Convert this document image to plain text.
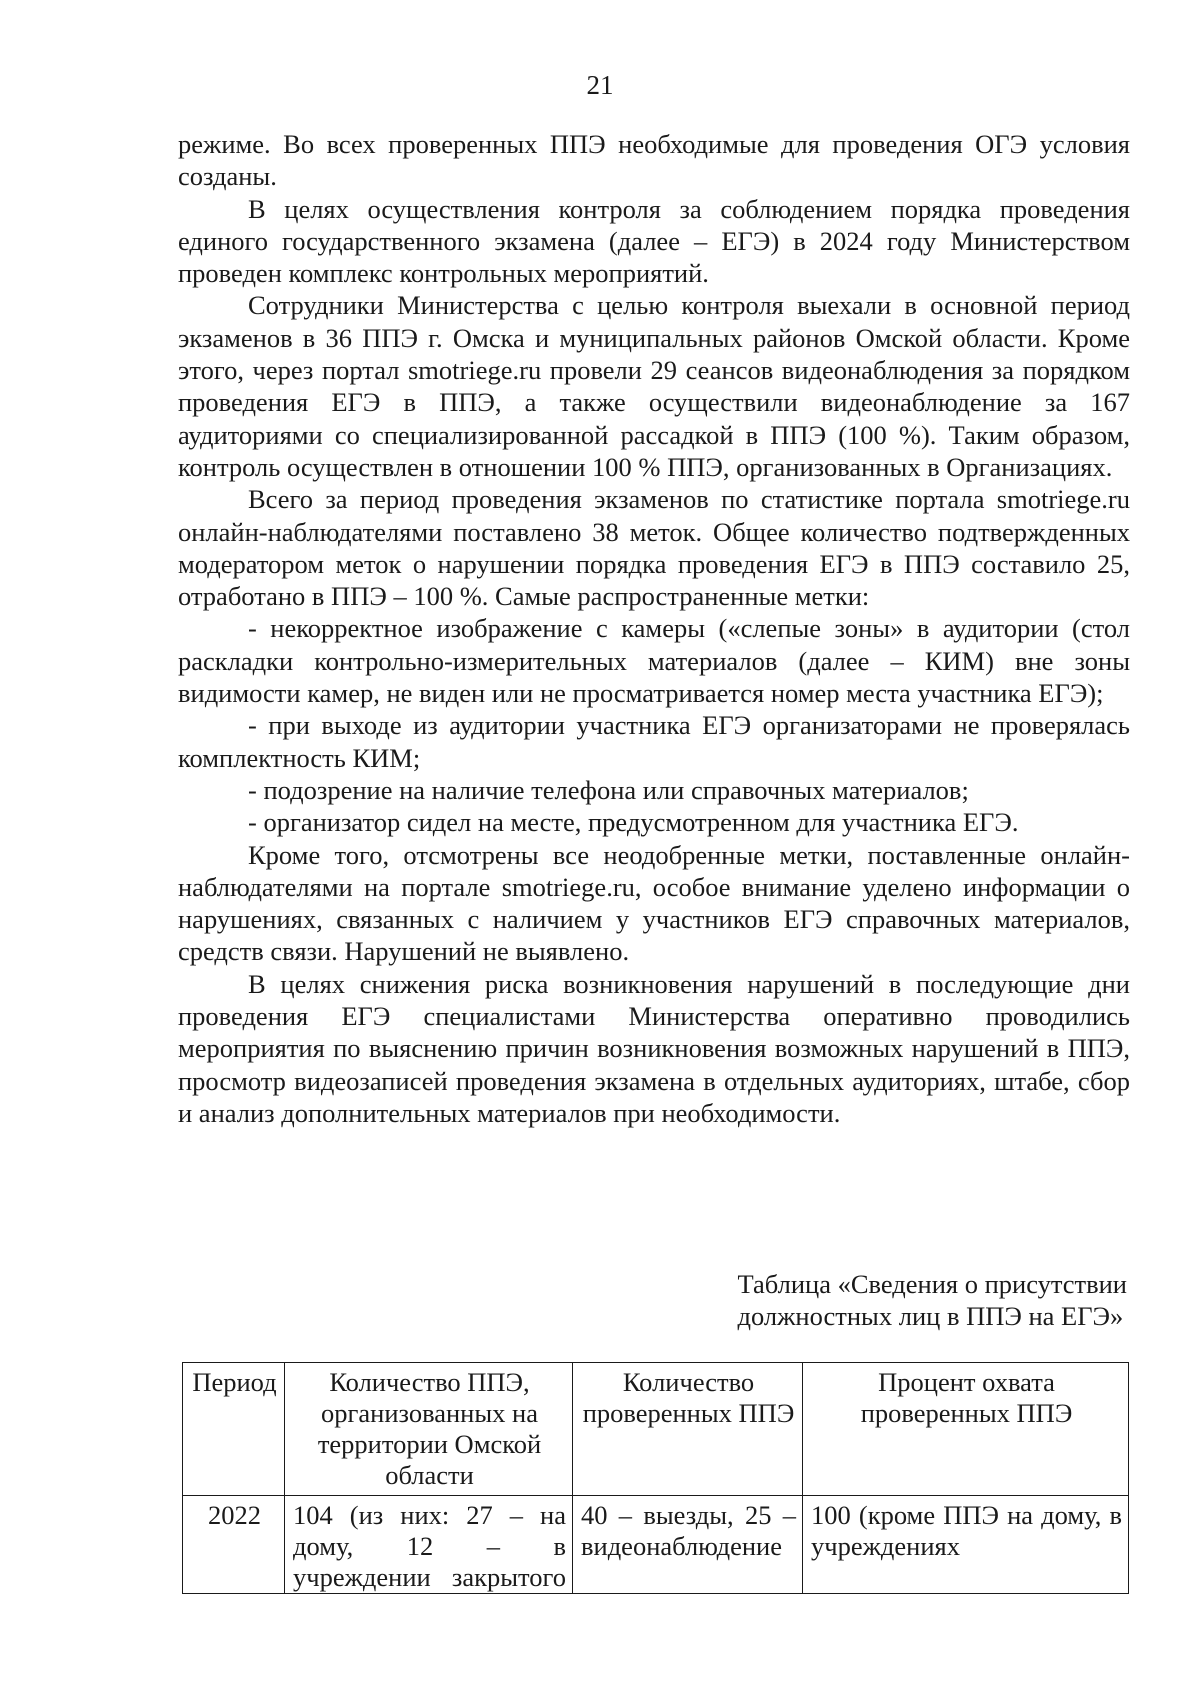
21

режиме. Во всех проверенных ППЭ необходимые для проведения ОГЭ условия созданы.

В целях осуществления контроля за соблюдением порядка проведения единого государственного экзамена (далее – ЕГЭ) в 2024 году Министерством проведен комплекс контрольных мероприятий.

Сотрудники Министерства с целью контроля выехали в основной период экзаменов в 36 ППЭ г. Омска и муниципальных районов Омской области. Кроме этого, через портал smotriege.ru провели 29 сеансов видеонаблюдения за порядком проведения ЕГЭ в ППЭ, а также осуществили видеонаблюдение за 167 аудиториями со специализированной рассадкой в ППЭ (100 %). Таким образом, контроль осуществлен в отношении 100 % ППЭ, организованных в Организациях.

Всего за период проведения экзаменов по статистике портала smotriege.ru онлайн-наблюдателями поставлено 38 меток. Общее количество подтвержденных модератором меток о нарушении порядка проведения ЕГЭ в ППЭ составило 25, отработано в ППЭ – 100 %. Самые распространенные метки:

- некорректное изображение с камеры («слепые зоны» в аудитории (стол раскладки контрольно-измерительных материалов (далее – КИМ) вне зоны видимости камер, не виден или не просматривается номер места участника ЕГЭ);

- при выходе из аудитории участника ЕГЭ организаторами не проверялась комплектность КИМ;

- подозрение на наличие телефона или справочных материалов;

- организатор сидел на месте, предусмотренном для участника ЕГЭ.

Кроме того, отсмотрены все неодобренные метки, поставленные онлайн-наблюдателями на портале smotriege.ru, особое внимание уделено информации о нарушениях, связанных с наличием у участников ЕГЭ справочных материалов, средств связи. Нарушений не выявлено.

В целях снижения риска возникновения нарушений в последующие дни проведения ЕГЭ специалистами Министерства оперативно проводились мероприятия по выяснению причин возникновения возможных нарушений в ППЭ, просмотр видеозаписей проведения экзамена в отдельных аудиториях, штабе, сбор и анализ дополнительных материалов при необходимости.

Таблица «Сведения о присутствии
должностных лиц в ППЭ на ЕГЭ»
Период	Количество ППЭ, организованных на территории Омской области	Количество проверенных ППЭ	Процент охвата проверенных ППЭ
2022	104 (из них: 27 – на дому, 12 – в учреждении закрытого	40 – выезды, 25 – видеонаблюдение	100 (кроме ППЭ на дому, в учреждениях
